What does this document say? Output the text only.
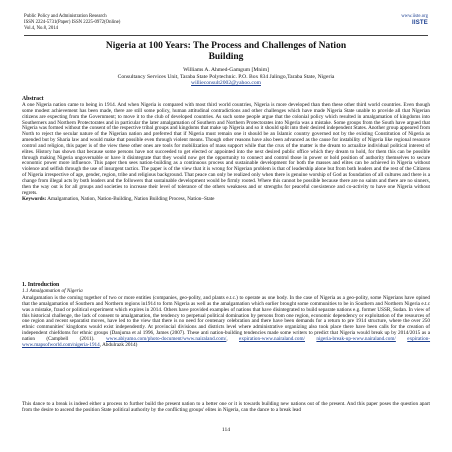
Public Policy and Administration Research	www.iiste.org
ISSN 2224-5731(Paper) ISSN 2225-0972(Online)
Vol.4, No.8, 2014
IISTE
Nigeria at 100 Years: The Process and Challenges of Nation
Building
Williams A. Ahmed-Gamgum [Mnim]
Consultancy Services Unit, Taraba State Polytechnic. P.O. Box 834 Jalingo,Taraba State, Nigeria
willieconsult2002@yahoo.com
Abstract
A one Nigeria nation came to being in 1914. And when Nigeria is compared with most third world countries, Nigeria is more developed than then these other third world countries. Even though some modest achievement has been made, there are still some policy, human attitudinal contradictions and other challenges which have made Nigeria State unable to provide all that Nigerian citizens are expecting from the Government; to move it to the club of developed countries. As such some people argue that the colonial policy which resulted in amalgamation of kingdoms into Southerners and Northern Protectorates and in particular the later amalgamation of Southern and Northern Protectorates into Nigeria was a mistake. Some groups from the South have argued that Nigeria was formed without the consent of the respective tribal groups and kingdoms that make up Nigeria and so it should split into their desired independent States. Another group appeared from North to reject the secular nature of the Nigerian nation and preferred that if Nigeria must remain one it should be an Islamic country governed not by the existing Constitution of Nigeria as amended but by Sharia law and would make that possible even through violent means. Though other reasons have also been advanced as the cause for instability of Nigeria like regional resource control and religion, this paper is of the view these other ones are tools for mobilization of mass support while that the crux of the matter is the dream to actualize individual political interest of elites. History has shown that because some persons have not succeeded to get elected or appointed into the next desired public office which they dream to hold, for them this can be possible through making Nigeria ungovernable or have it disintegrate that they would now get the opportunity to connect and control those in power or hold position of authority themselves to secure economic power more influence. This paper then sees nation-building as a continuous process and sustainable development for both the masses and elites can be achieved in Nigeria without violence and selfish through the use of insurgent tactics. The paper is of the view that it is wrong for Nigerian problem is that of leadership alone but from both leaders and the rest of the Citizens of Nigeria irrespective of age, gender, region, tribe and religious background. That peace can only be realized only when there is genuine worship of God as foundation of all cultures and there is a change from illegal acts by both leaders and the followers that sustainable development would be firmly rooted. Where this cannot be possible because there are no saints and there are no sinners, then the way out is for all groups and societies to increase their level of tolerance of the others weakness and or strengths for peaceful coexistence and co-activity to have one Nigeria without regrets.
Keywords: Amalgamation, Nation, Nation-Building, Nation Building Process, Nation–State
1. Introduction
1.1 Amalgamation of Nigeria
Amalgamation is the coming together of two or more entities (companies, geo-polity, and plants e.t.c.) to operate as one body. In the case of Nigeria as a geo-polity, some Nigerians have opined that the amalgamation of Southern and Northern regions in1914 to form Nigeria as well as the amalgamation which earlier brought some communities to be in Southern and Northern Nigeria e.t.c was a mistake, fraud or political experiment which expires in 2014. Others have provided examples of nations that have disintegrated to build separate nations e.g. former USSR, Sudan. In view of this historical challenge, the lack of consent to amalgamation, the tendency to perpetual political domination by persons from one region, economic dependency or exploitation of the resources of one region and recent separatist moves, have led to the view that there is no need for centenary celebration and there have been demands for a return to pre 1914 structure, where the over 250 ethnic communities' kingdoms would exist independently. At provincial divisions and districts level where administrative organizing also took place there have been calls for the creation of independent chiefdoms for ethnic groups (Danjuma et al 1996, James (2007). These anti nation-building tendencies made some writers to predict that Nigeria would break up by 2014/2015 as a nation (Campbell (2011). www.abiyamo.com/photo-document/www.nairaland.com/, expiration-www.nairaland.com/ nigeria-break-up-www.nairaland.com/ expiration-www.mapsofworld.com/nigeria-1914, Abdulrazk 2014)
This dance to a break is indeed either a process to further build the present nation to a better one or it is towards building new nations out of the present. And this paper poses the question apart from the desire to ascend the position State political authority by the conflicting groups' elites in Nigeria, can the dance to a break lead
114
